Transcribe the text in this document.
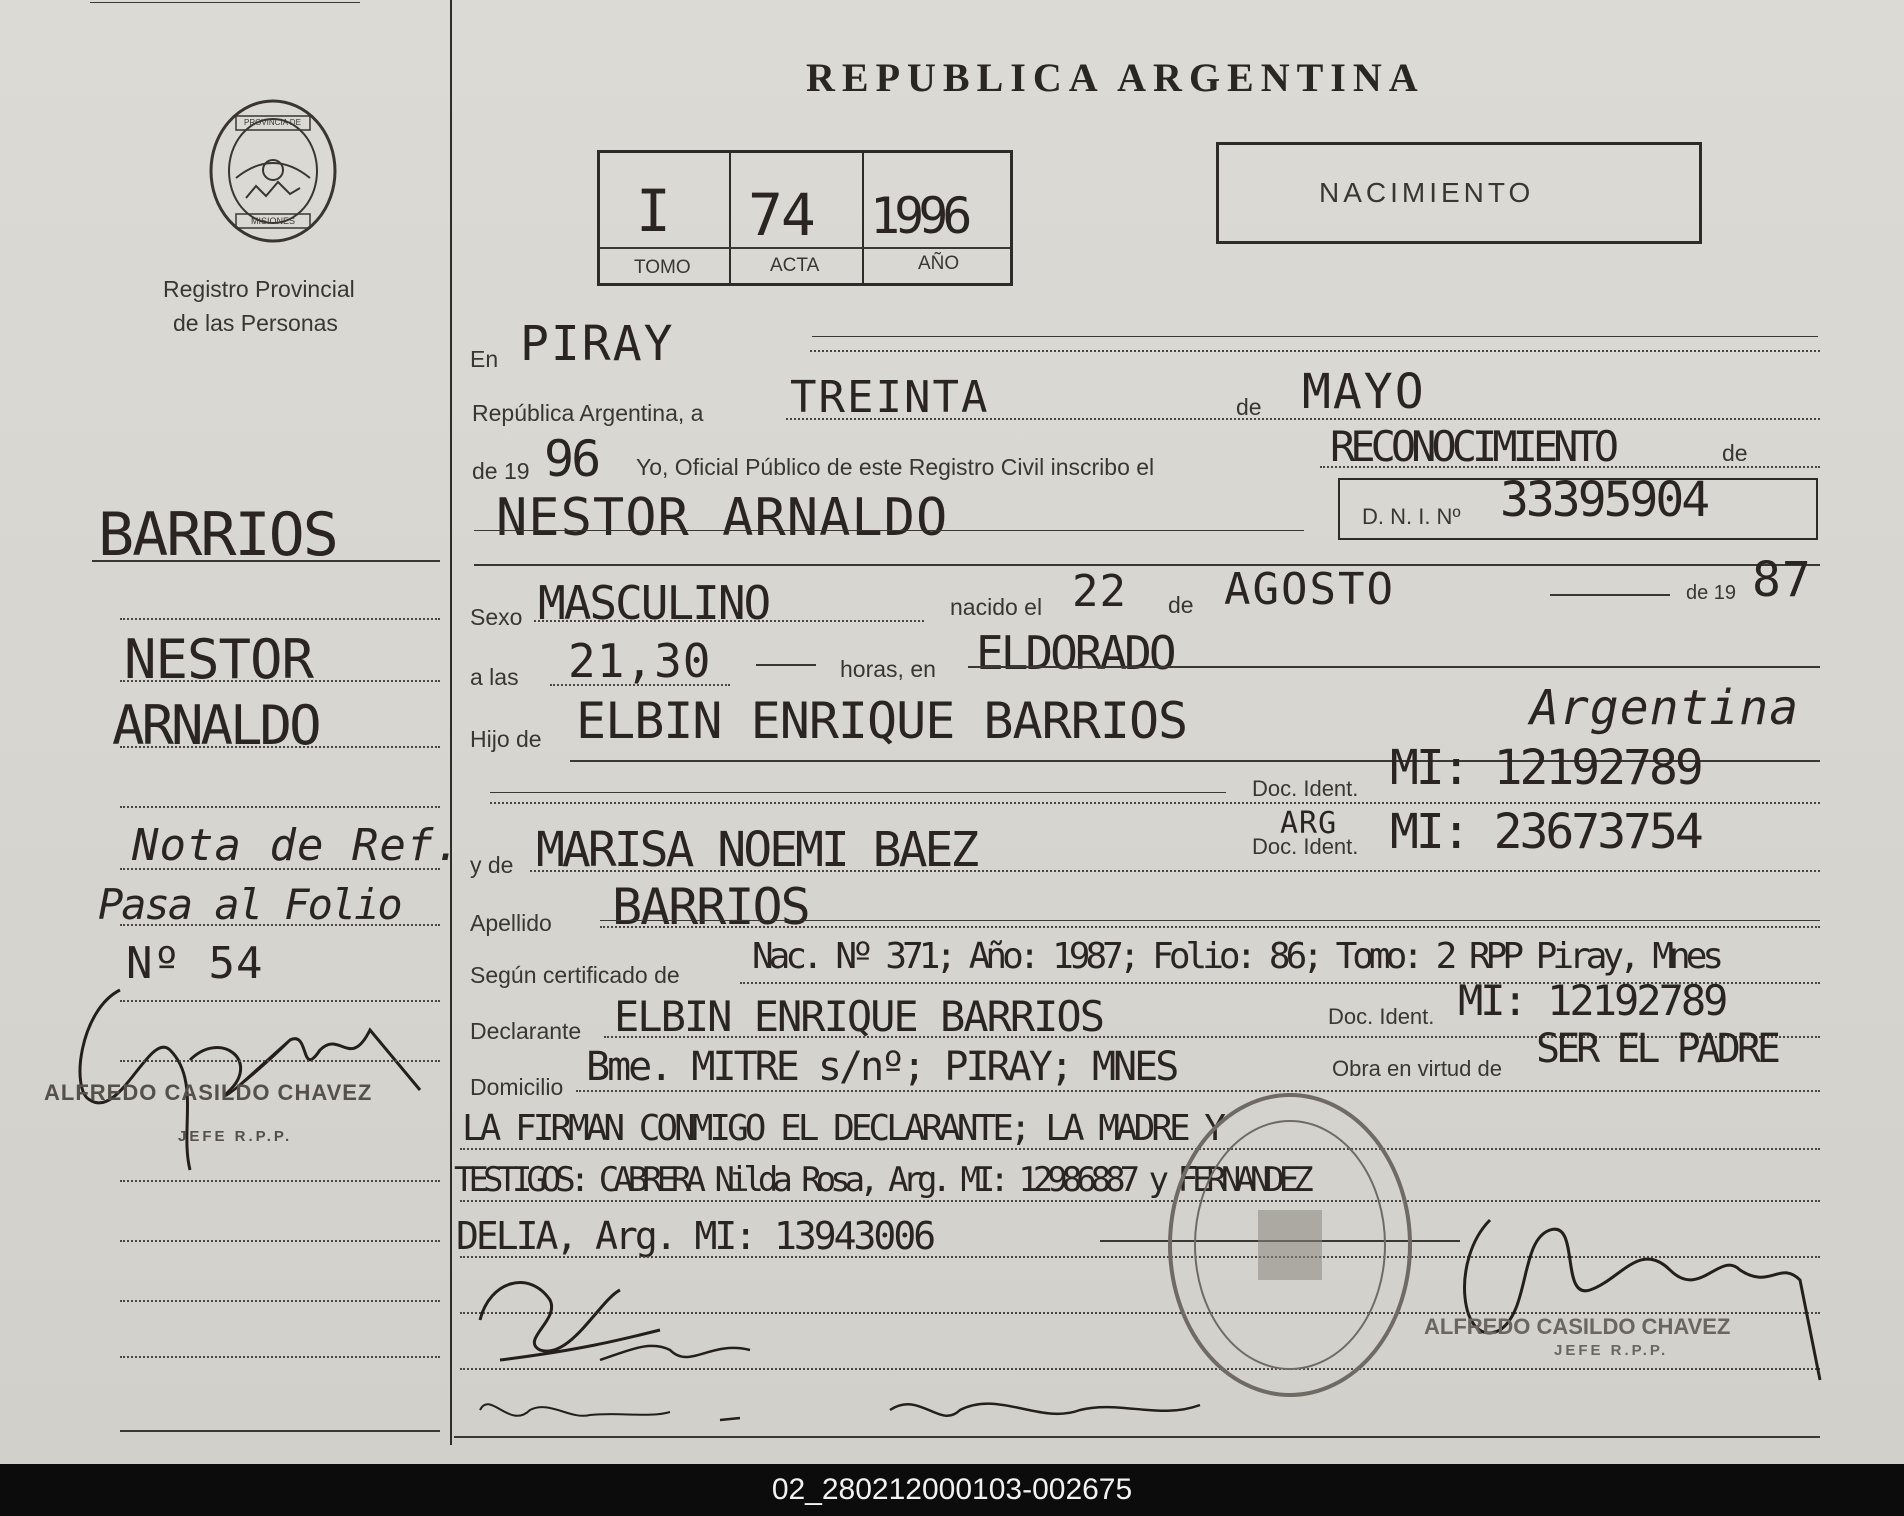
PROVINCIA DE
MISIONES
Registro Provincial
de las Personas
REPUBLICA ARGENTINA
I 74 1996
TOMO	ACTA	AÑO
NACIMIENTO
BARRIOS
NESTOR
ARNALDO
Nota de Ref.
Pasa al Folio
Nº 54
ALFREDO CASILDO CHAVEZ
JEFE R.P.P.
En PIRAY
República Argentina, a TREINTA	de MAYO
de 19 96 Yo, Oficial Público de este Registro Civil inscribo el	RECONOCIMIENTO	de
NESTOR ARNALDO	D. N. I. Nº 33395904
Sexo MASCULINO	nacido el 22 de AGOSTO	de 19 87
a las 21,30	horas, en ELDORADO
Hijo de ELBIN ENRIQUE BARRIOS	Argentina
Doc. Ident. MI: 12192789
y de MARISA NOEMI BAEZ	ARG
Doc. Ident. MI: 23673754
Apellido BARRIOS
Según certificado de Nac. Nº 371; Año: 1987; Folio: 86; Tomo: 2 RPP Piray, Mnes
Declarante ELBIN ENRIQUE BARRIOS	Doc. Ident. MI: 12192789
Domicilio Bme. MITRE s/nº; PIRAY; MNES	Obra en virtud de SER EL PADRE
LA FIRMAN CONMIGO EL DECLARANTE; LA MADRE Y
TESTIGOS: CABRERA Nilda Rosa, Arg. MI: 12986887 y FERNANDEZ
DELIA, Arg. MI: 13943006
ALFREDO CASILDO CHAVEZ
JEFE R.P.P.
02_280212000103-002675
